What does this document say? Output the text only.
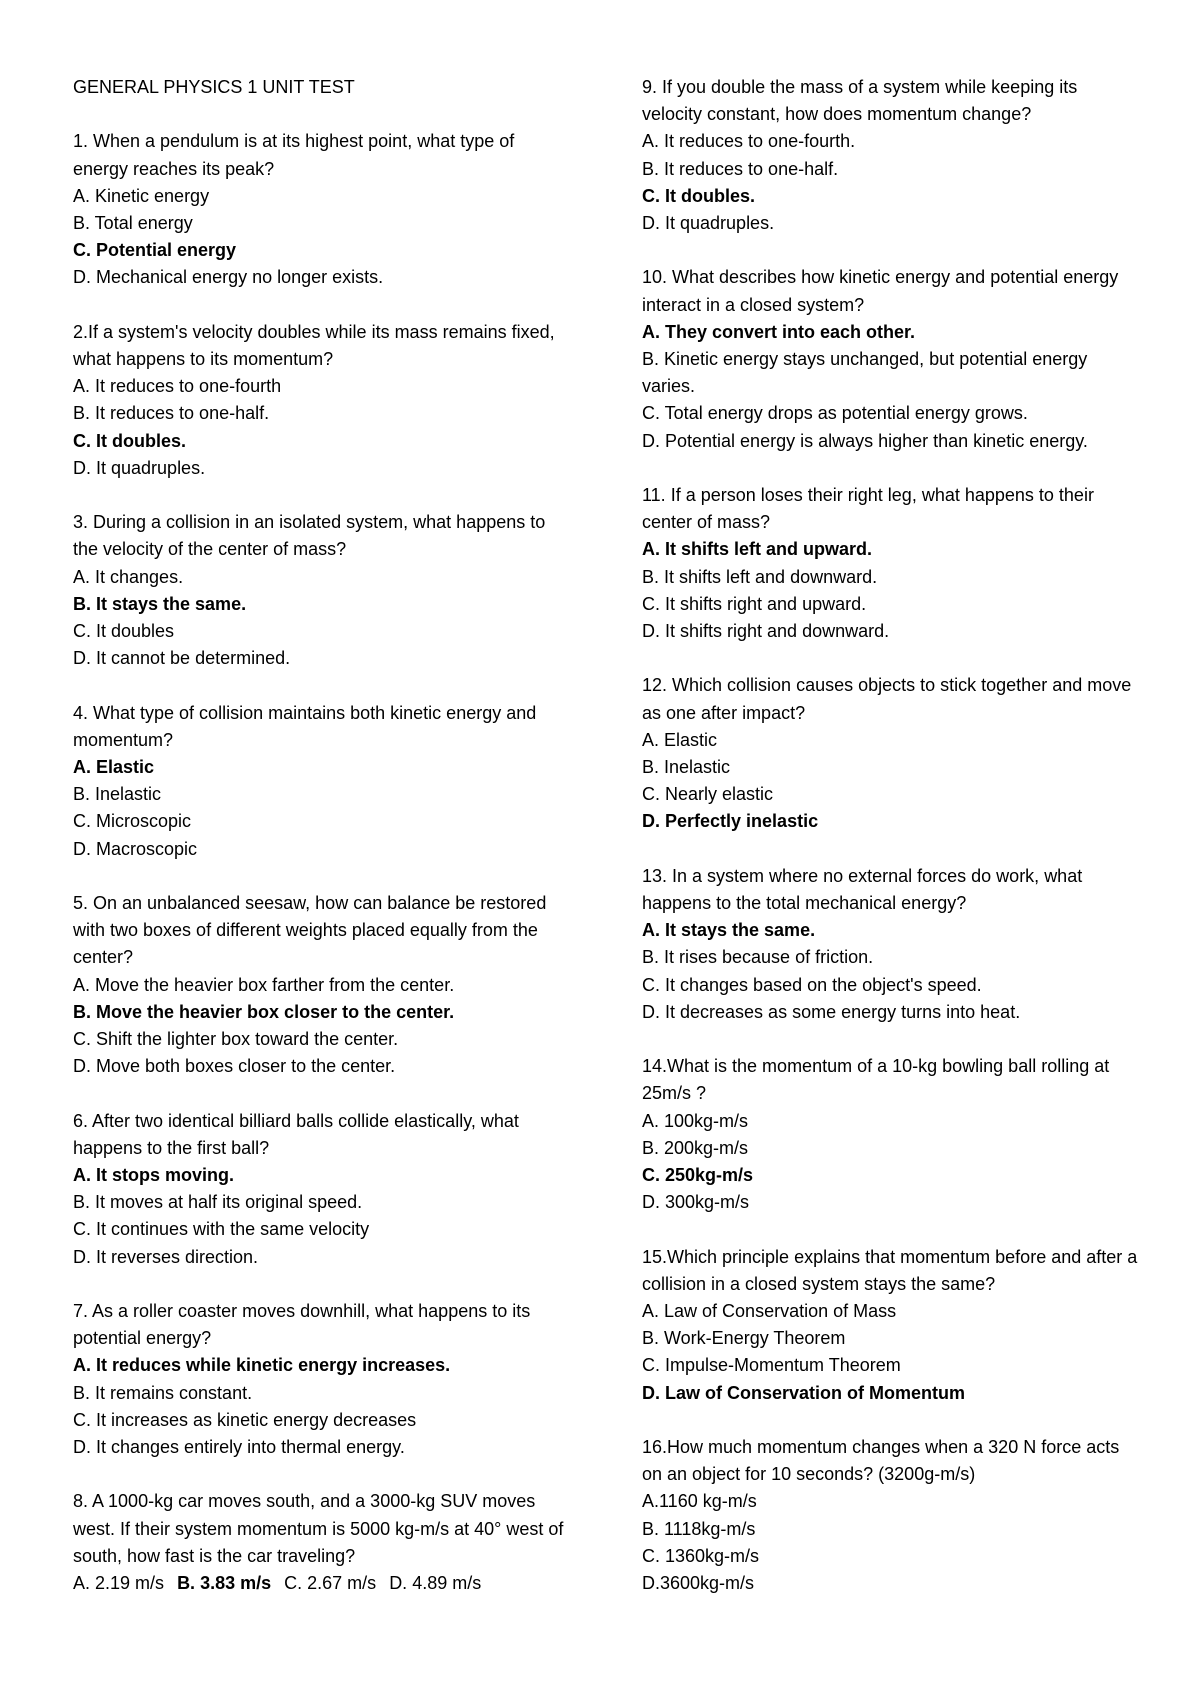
GENERAL PHYSICS 1 UNIT TEST

1. When a pendulum is at its highest point, what type of energy reaches its peak?

A. Kinetic energy

B. Total energy

C. Potential energy

D. Mechanical energy no longer exists.

2.If a system's velocity doubles while its mass remains fixed, what happens to its momentum?

A. It reduces to one-fourth

B. It reduces to one-half.

C. It doubles.

D. It quadruples.

3. During a collision in an isolated system, what happens to the velocity of the center of mass?

A. It changes.

B. It stays the same.

C. It doubles

D. It cannot be determined.

4. What type of collision maintains both kinetic energy and momentum?

A. Elastic

B. Inelastic

C. Microscopic

D. Macroscopic

5. On an unbalanced seesaw, how can balance be restored with two boxes of different weights placed equally from the center?

A. Move the heavier box farther from the center.

B. Move the heavier box closer to the center.

C. Shift the lighter box toward the center.

D. Move both boxes closer to the center.

6. After two identical billiard balls collide elastically, what happens to the first ball?

A. It stops moving.

B. It moves at half its original speed.

C. It continues with the same velocity

D. It reverses direction.

7. As a roller coaster moves downhill, what happens to its potential energy?

A. It reduces while kinetic energy increases.

B. It remains constant.

C. It increases as kinetic energy decreases

D. It changes entirely into thermal energy.

8. A 1000-kg car moves south, and a 3000-kg SUV moves west. If their system momentum is 5000 kg-m/s at 40° west of south, how fast is the car traveling?

A. 2.19 m/s B. 3.83 m/s C. 2.67 m/s D. 4.89 m/s

9. If you double the mass of a system while keeping its velocity constant, how does momentum change?

A. It reduces to one-fourth.

B. It reduces to one-half.

C. It doubles.

D. It quadruples.

10. What describes how kinetic energy and potential energy interact in a closed system?

A. They convert into each other.

B. Kinetic energy stays unchanged, but potential energy varies.

C. Total energy drops as potential energy grows.

D. Potential energy is always higher than kinetic energy.

11. If a person loses their right leg, what happens to their center of mass?

A. It shifts left and upward.

B. It shifts left and downward.

C. It shifts right and upward.

D. It shifts right and downward.

12. Which collision causes objects to stick together and move as one after impact?

A. Elastic

B. Inelastic

C. Nearly elastic

D. Perfectly inelastic

13. In a system where no external forces do work, what happens to the total mechanical energy?

A. It stays the same.

B. It rises because of friction.

C. It changes based on the object's speed.

D. It decreases as some energy turns into heat.

14.What is the momentum of a 10-kg bowling ball rolling at 25m/s ?

A. 100kg-m/s

B. 200kg-m/s

C. 250kg-m/s

D. 300kg-m/s

15.Which principle explains that momentum before and after a collision in a closed system stays the same?

A. Law of Conservation of Mass

B. Work-Energy Theorem

C. Impulse-Momentum Theorem

D. Law of Conservation of Momentum

16.How much momentum changes when a 320 N force acts on an object for 10 seconds? (3200g-m/s)

A.1160 kg-m/s

B. 1118kg-m/s

C. 1360kg-m/s

D.3600kg-m/s
